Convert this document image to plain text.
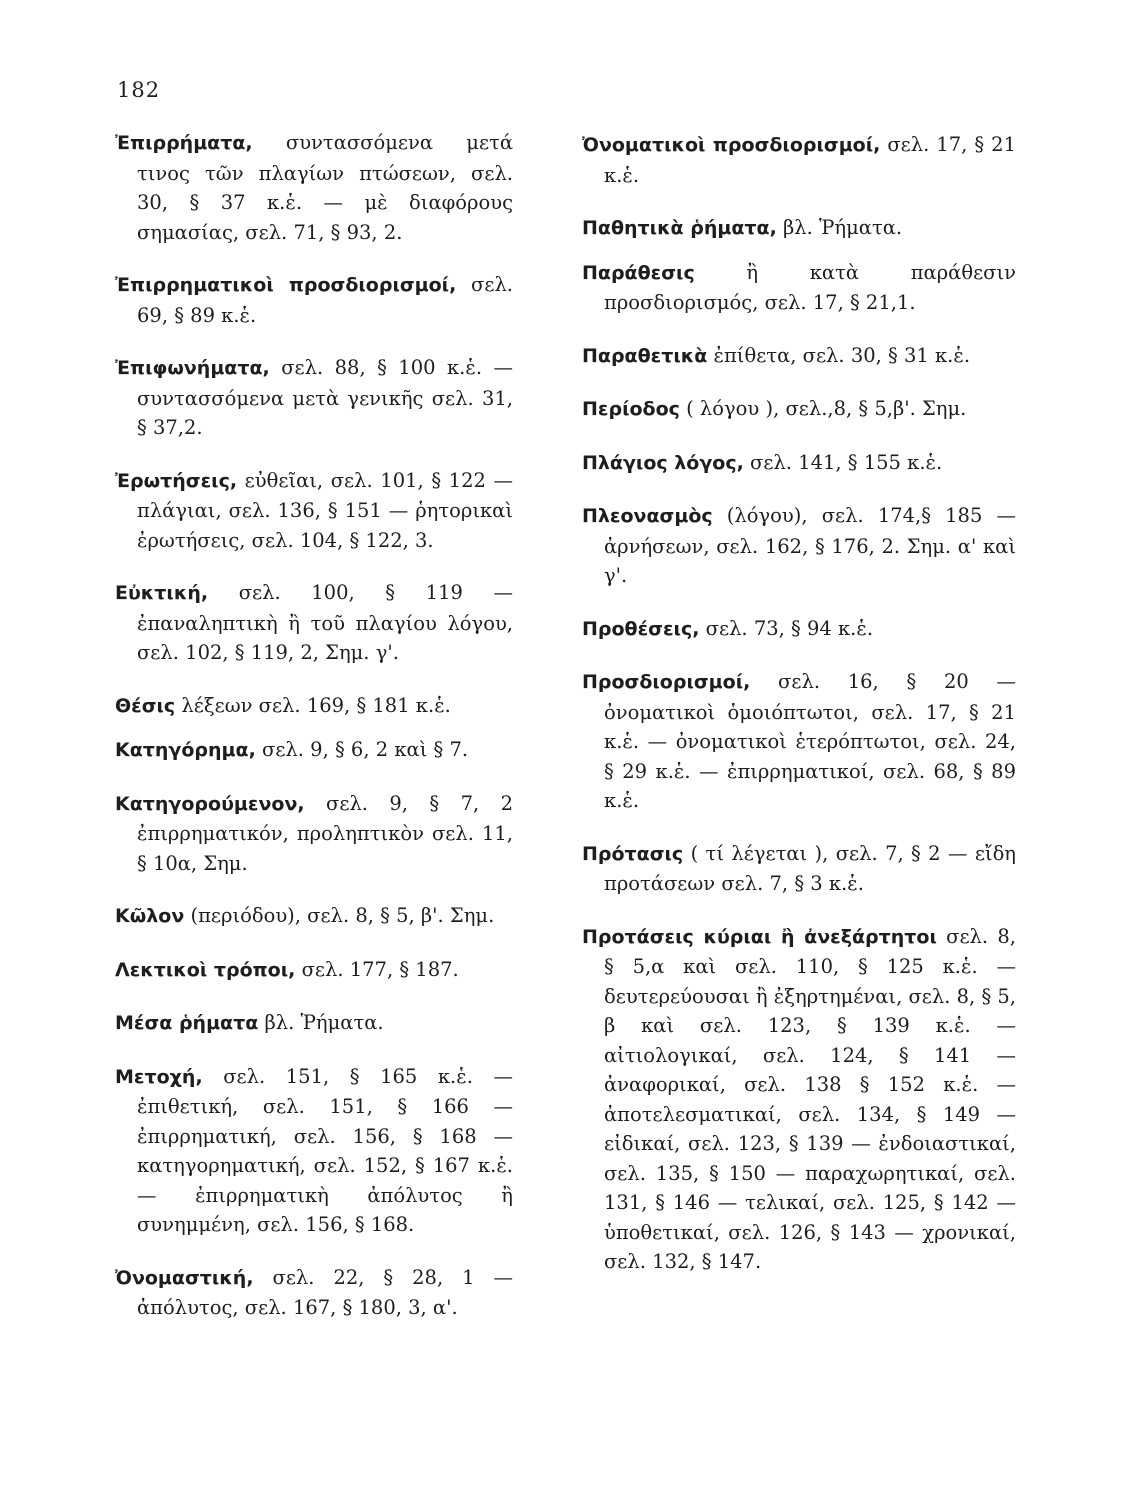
182

Ἐπιρρήματα, συντασσόμενα μετά τινος τῶν πλαγίων πτώσεων, σελ. 30, § 37 κ.ἑ. — μὲ διαφόρους σημασίας, σελ. 71, § 93, 2.

Ἐπιρρηματικοὶ προσδιορισμοί, σελ. 69, § 89 κ.ἑ.

Ἐπιφωνήματα, σελ. 88, § 100 κ.ἑ. — συντασσόμενα μετὰ γενικῆς σελ. 31, § 37,2.

Ἐρωτήσεις, εὐθεῖαι, σελ. 101, § 122 — πλάγιαι, σελ. 136, § 151 — ῥητορικαὶ ἐρωτήσεις, σελ. 104, § 122, 3.

Εὐκτική, σελ. 100, § 119 — ἐπαναληπτικὴ ἢ τοῦ πλαγίου λόγου, σελ. 102, § 119, 2, Σημ. γ'.

Θέσις λέξεων σελ. 169, § 181 κ.ἑ.

Κατηγόρημα, σελ. 9, § 6, 2 καὶ § 7.

Κατηγορούμενον, σελ. 9, § 7, 2 ἐπιρρηματικόν, προληπτικὸν σελ. 11, § 10α, Σημ.

Κῶλον (περιόδου), σελ. 8, § 5, β'. Σημ.

Λεκτικοὶ τρόποι, σελ. 177, § 187.

Μέσα ῥήματα βλ. Ῥήματα.

Μετοχή, σελ. 151, § 165 κ.ἑ. — ἐπιθετική, σελ. 151, § 166 — ἐπιρρηματική, σελ. 156, § 168 — κατηγορηματική, σελ. 152, § 167 κ.ἑ. — ἐπιρρηματικὴ ἀπόλυτος ἢ συνημμένη, σελ. 156, § 168.

Ὀνομαστική, σελ. 22, § 28, 1 — ἀπόλυτος, σελ. 167, § 180, 3, α'.

Ὀνοματικοὶ προσδιορισμοί, σελ. 17, § 21 κ.ἑ.

Παθητικὰ ῥήματα, βλ. Ῥήματα.

Παράθεσις ἢ κατὰ παράθεσιν προσδιορισμός, σελ. 17, § 21,1.

Παραθετικὰ ἐπίθετα, σελ. 30, § 31 κ.ἑ.

Περίοδος ( λόγου ), σελ.,8, § 5,β'. Σημ.

Πλάγιος λόγος, σελ. 141, § 155 κ.ἑ.

Πλεονασμὸς (λόγου), σελ. 174,§ 185 — ἀρνήσεων, σελ. 162, § 176, 2. Σημ. α' καὶ γ'.

Προθέσεις, σελ. 73, § 94 κ.ἑ.

Προσδιορισμοί, σελ. 16, § 20 — ὀνοματικοὶ ὁμοιόπτωτοι, σελ. 17, § 21 κ.ἑ. — ὀνοματικοὶ ἑτερόπτωτοι, σελ. 24, § 29 κ.ἑ. — ἐπιρρηματικοί, σελ. 68, § 89 κ.ἑ.

Πρότασις ( τί λέγεται ), σελ. 7, § 2 — εἴδη προτάσεων σελ. 7, § 3 κ.ἑ.

Προτάσεις κύριαι ἢ ἀνεξάρτητοι σελ. 8, § 5,α καὶ σελ. 110, § 125 κ.ἑ. — δευτερεύουσαι ἢ ἐξηρτημέναι, σελ. 8, § 5, β καὶ σελ. 123, § 139 κ.ἑ. — αἰτιολογικαί, σελ. 124, § 141 — ἀναφορικαί, σελ. 138 § 152 κ.ἑ. — ἀποτελεσματικαί, σελ. 134, § 149 — εἰδικαί, σελ. 123, § 139 — ἐνδοιαστικαί, σελ. 135, § 150 — παραχωρητικαί, σελ. 131, § 146 — τελικαί, σελ. 125, § 142 — ὑποθετικαί, σελ. 126, § 143 — χρονικαί, σελ. 132, § 147.
